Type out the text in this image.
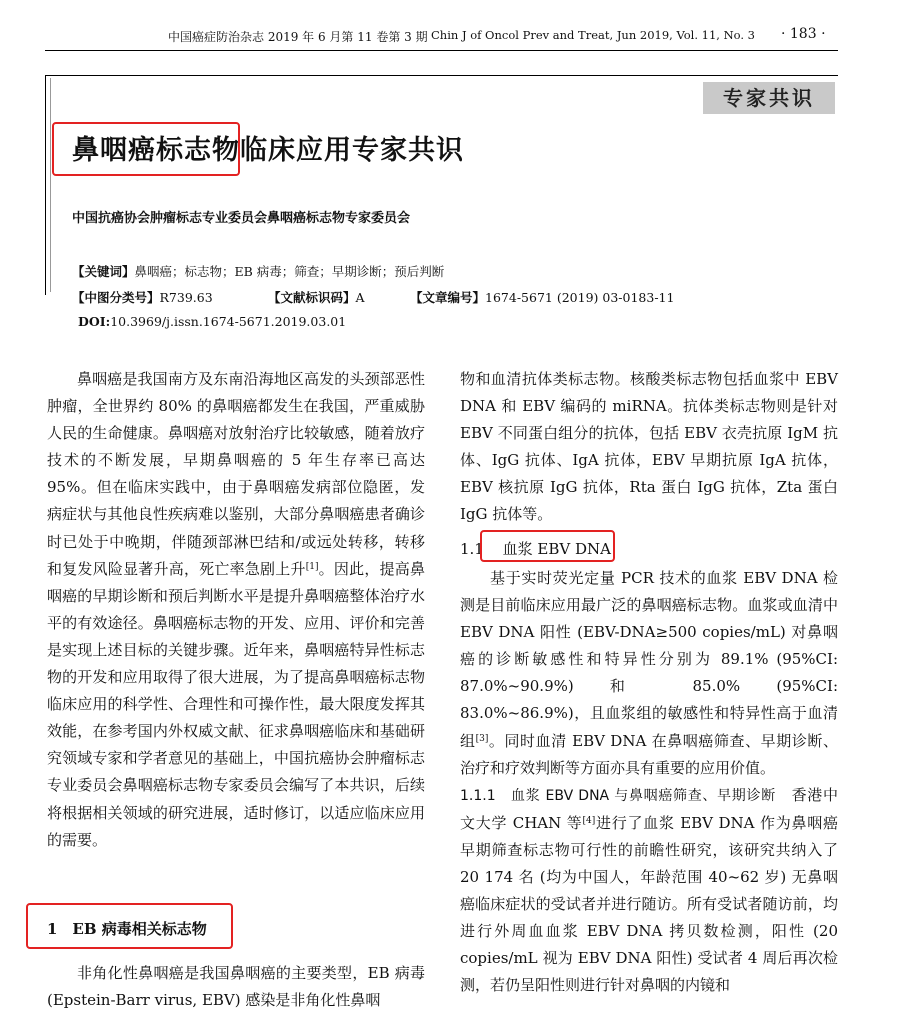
中国癌症防治杂志 2019 年 6 月第 11 卷第 3 期 Chin J of Oncol Prev and Treat, Jun 2019, Vol. 11, No. 3 · 183 ·
专家共识
鼻咽癌标志物临床应用专家共识
中国抗癌协会肿瘤标志专业委员会鼻咽癌标志物专家委员会
【关键词】鼻咽癌；标志物；EB 病毒；筛查；早期诊断；预后判断
【中图分类号】R739.63	【文献标识码】A	【文章编号】1674-5671 (2019) 03-0183-11
DOI:10.3969/j.issn.1674-5671.2019.03.01

鼻咽癌是我国南方及东南沿海地区高发的头颈部恶性肿瘤，全世界约 80% 的鼻咽癌都发生在我国，严重威胁人民的生命健康。鼻咽癌对放射治疗比较敏感，随着放疗技术的不断发展，早期鼻咽癌的 5 年生存率已高达 95%。但在临床实践中，由于鼻咽癌发病部位隐匿，发病症状与其他良性疾病难以鉴别，大部分鼻咽癌患者确诊时已处于中晚期，伴随颈部淋巴结和/或远处转移，转移和复发风险显著升高，死亡率急剧上升[1]。因此，提高鼻咽癌的早期诊断和预后判断水平是提升鼻咽癌整体治疗水平的有效途径。鼻咽癌标志物的开发、应用、评价和完善是实现上述目标的关键步骤。近年来，鼻咽癌特异性标志物的开发和应用取得了很大进展，为了提高鼻咽癌标志物临床应用的科学性、合理性和可操作性，最大限度发挥其效能，在参考国内外权威文献、征求鼻咽癌临床和基础研究领域专家和学者意见的基础上，中国抗癌协会肿瘤标志专业委员会鼻咽癌标志物专家委员会编写了本共识，后续将根据相关领域的研究进展，适时修订，以适应临床应用的需要。

1　EB 病毒相关标志物

非角化性鼻咽癌是我国鼻咽癌的主要类型，EB 病毒 (Epstein-Barr virus, EBV) 感染是非角化性鼻咽

物和血清抗体类标志物。核酸类标志物包括血浆中 EBV DNA 和 EBV 编码的 miRNA。抗体类标志物则是针对 EBV 不同蛋白组分的抗体，包括 EBV 衣壳抗原 IgM 抗体、IgG 抗体、IgA 抗体，EBV 早期抗原 IgA 抗体，EBV 核抗原 IgG 抗体，Rta 蛋白 IgG 抗体，Zta 蛋白 IgG 抗体等。

1.1 血浆 EBV DNA

基于实时荧光定量 PCR 技术的血浆 EBV DNA 检测是目前临床应用最广泛的鼻咽癌标志物。血浆或血清中 EBV DNA 阳性 (EBV-DNA≥500 copies/mL) 对鼻咽癌的诊断敏感性和特异性分别为 89.1% (95%CI: 87.0%~90.9%) 和 85.0% (95%CI: 83.0%~86.9%)，且血浆组的敏感性和特异性高于血清组[3]。同时血清 EBV DNA 在鼻咽癌筛查、早期诊断、治疗和疗效判断等方面亦具有重要的应用价值。

1.1.1　血浆 EBV DNA 与鼻咽癌筛查、早期诊断　香港中文大学 CHAN 等[4]进行了血浆 EBV DNA 作为鼻咽癌早期筛查标志物可行性的前瞻性研究，该研究共纳入了 20 174 名 (均为中国人，年龄范围 40~62 岁) 无鼻咽癌临床症状的受试者并进行随访。所有受试者随访前，均进行外周血血浆 EBV DNA 拷贝数检测，阳性 (20 copies/mL 视为 EBV DNA 阳性) 受试者 4 周后再次检测，若仍呈阳性则进行针对鼻咽的内镜和
